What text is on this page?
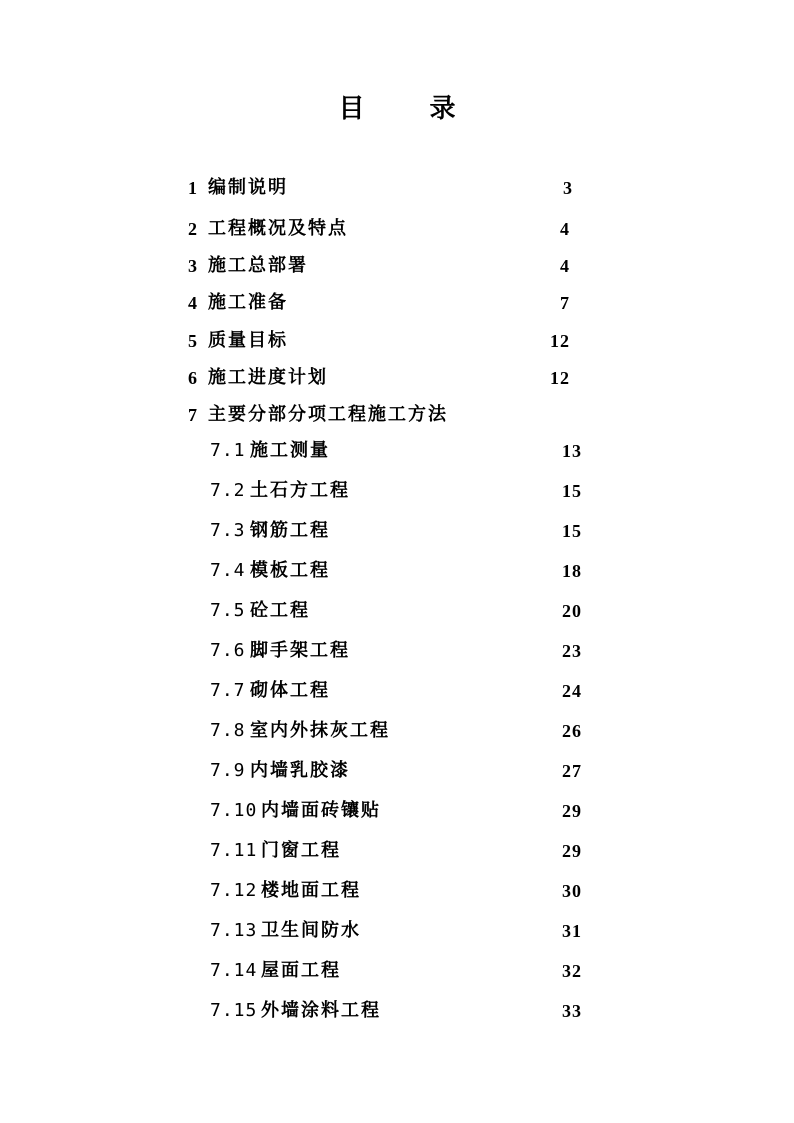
目 录
1 编制说明	3
2 工程概况及特点	4
3 施工总部署	4
4 施工准备	7
5 质量目标	12
6 施工进度计划	12
7 主要分部分项工程施工方法
7.1 施工测量	13
7.2 土石方工程	15
7.3 钢筋工程	15
7.4 模板工程	18
7.5 砼工程	20
7.6 脚手架工程	23
7.7 砌体工程	24
7.8 室内外抹灰工程	26
7.9 内墙乳胶漆	27
7.10 内墙面砖镶贴	29
7.11 门窗工程	29
7.12 楼地面工程	30
7.13 卫生间防水	31
7.14 屋面工程	32
7.15 外墙涂料工程	33
